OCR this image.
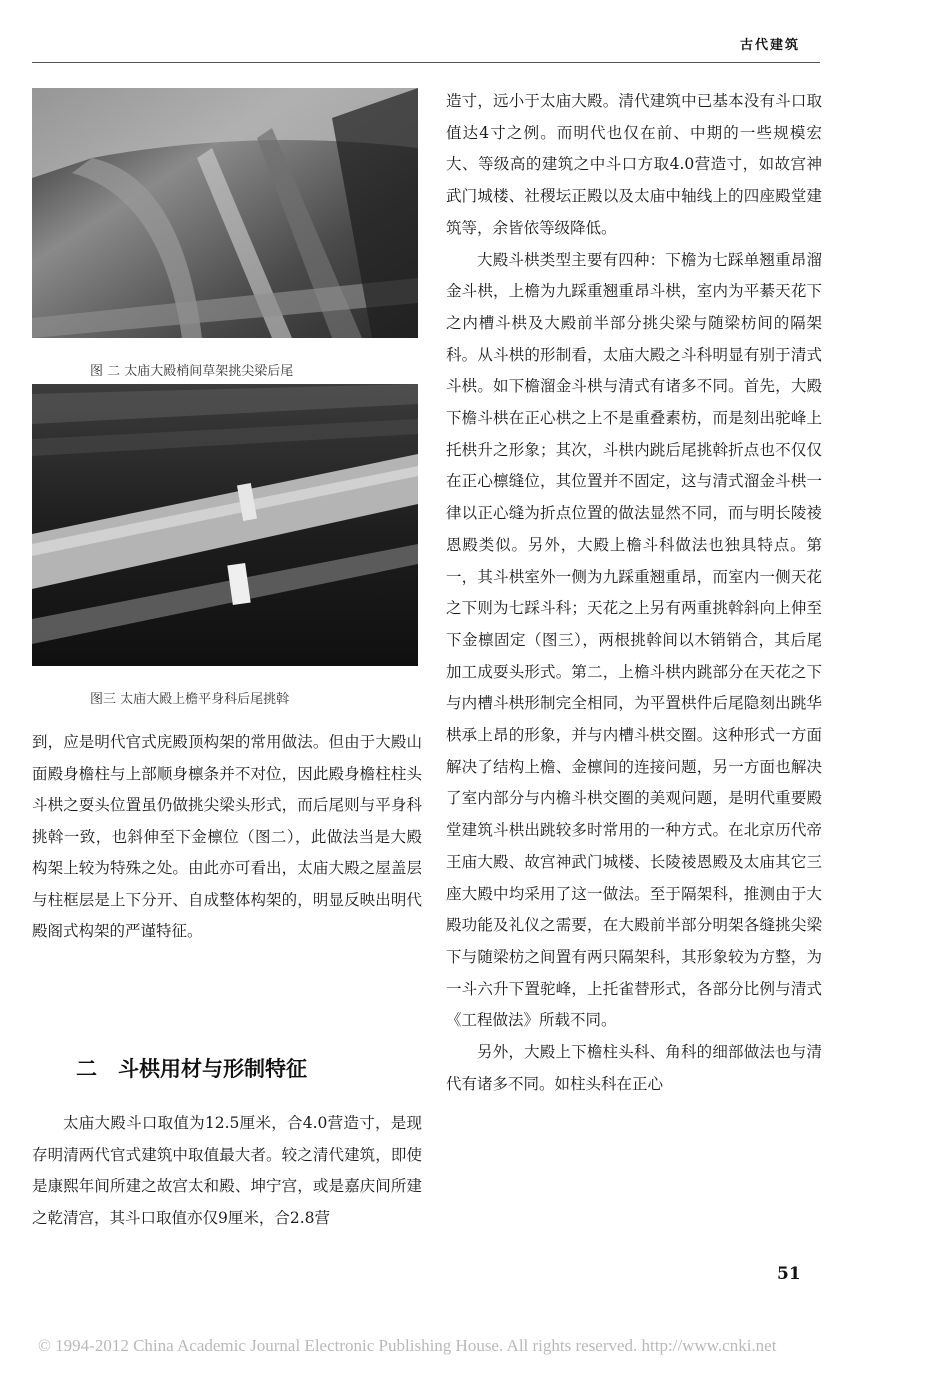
古代建筑
图 二 太庙大殿梢间草架挑尖梁后尾
图三 太庙大殿上檐平身科后尾挑斡

到，应是明代官式庑殿顶构架的常用做法。但由于大殿山面殿身檐柱与上部顺身檩条并不对位，因此殿身檐柱柱头斗栱之耍头位置虽仍做挑尖梁头形式，而后尾则与平身科挑斡一致，也斜伸至下金檩位（图二），此做法当是大殿构架上较为特殊之处。由此亦可看出，太庙大殿之屋盖层与柱框层是上下分开、自成整体构架的，明显反映出明代殿阁式构架的严谨特征。

二　斗栱用材与形制特征

太庙大殿斗口取值为12.5厘米，合4.0营造寸，是现存明清两代官式建筑中取值最大者。较之清代建筑，即使是康熙年间所建之故宫太和殿、坤宁宫，或是嘉庆间所建之乾清宫，其斗口取值亦仅9厘米，合2.8营

造寸，远小于太庙大殿。清代建筑中已基本没有斗口取值达4寸之例。而明代也仅在前、中期的一些规模宏大、等级高的建筑之中斗口方取4.0营造寸，如故宫神武门城楼、社稷坛正殿以及太庙中轴线上的四座殿堂建筑等，余皆依等级降低。

大殿斗栱类型主要有四种：下檐为七踩单翘重昂溜金斗栱，上檐为九踩重翘重昂斗栱，室内为平綦天花下之内槽斗栱及大殿前半部分挑尖梁与随梁枋间的隔架科。从斗栱的形制看，太庙大殿之斗科明显有别于清式斗栱。如下檐溜金斗栱与清式有诸多不同。首先，大殿下檐斗栱在正心栱之上不是重叠素枋，而是刻出驼峰上托栱升之形象；其次，斗栱内跳后尾挑斡折点也不仅仅在正心檩缝位，其位置并不固定，这与清式溜金斗栱一律以正心缝为折点位置的做法显然不同，而与明长陵祾恩殿类似。另外，大殿上檐斗科做法也独具特点。第一，其斗栱室外一侧为九踩重翘重昂，而室内一侧天花之下则为七踩斗科；天花之上另有两重挑斡斜向上伸至下金檩固定（图三），两根挑斡间以木销销合，其后尾加工成耍头形式。第二，上檐斗栱内跳部分在天花之下与内槽斗栱形制完全相同，为平置栱件后尾隐刻出跳华栱承上昂的形象，并与内槽斗栱交圈。这种形式一方面解决了结构上檐、金檩间的连接问题，另一方面也解决了室内部分与内檐斗栱交圈的美观问题，是明代重要殿堂建筑斗栱出跳较多时常用的一种方式。在北京历代帝王庙大殿、故宫神武门城楼、长陵祾恩殿及太庙其它三座大殿中均采用了这一做法。至于隔架科，推测由于大殿功能及礼仪之需要，在大殿前半部分明架各缝挑尖梁下与随梁枋之间置有两只隔架科，其形象较为方整，为一斗六升下置驼峰，上托雀替形式，各部分比例与清式《工程做法》所载不同。

另外，大殿上下檐柱头科、角科的细部做法也与清代有诸多不同。如柱头科在正心

51
© 1994-2012 China Academic Journal Electronic Publishing House. All rights reserved. http://www.cnki.net
